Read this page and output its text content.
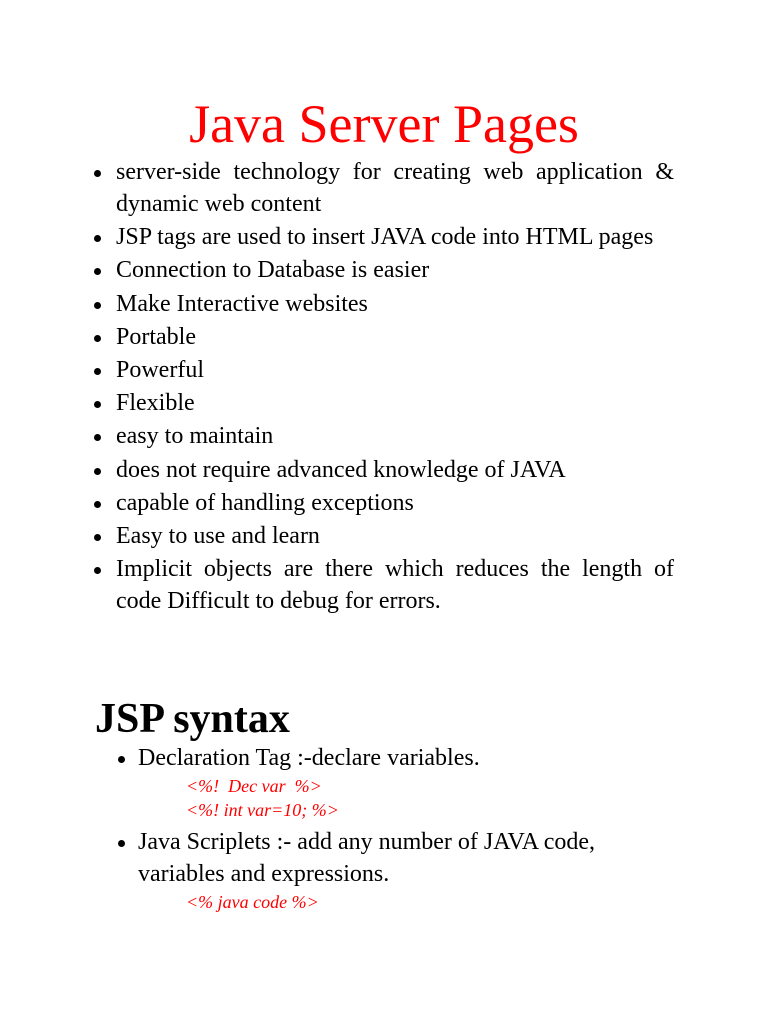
Java Server Pages
server-side technology for creating web application & dynamic web content
JSP tags are used to insert JAVA code into HTML pages
Connection to Database is easier
Make Interactive websites
Portable
Powerful
Flexible
easy to maintain
does not require advanced knowledge of JAVA
capable of handling exceptions
Easy to use and learn
Implicit objects are there which reduces the length of code Difficult to debug for errors.
JSP syntax
Declaration Tag :-declare variables.
<%!  Dec var  %>
<%! int var=10; %>
Java Scriplets :- add any number of JAVA code, variables and expressions.
<% java code %>
